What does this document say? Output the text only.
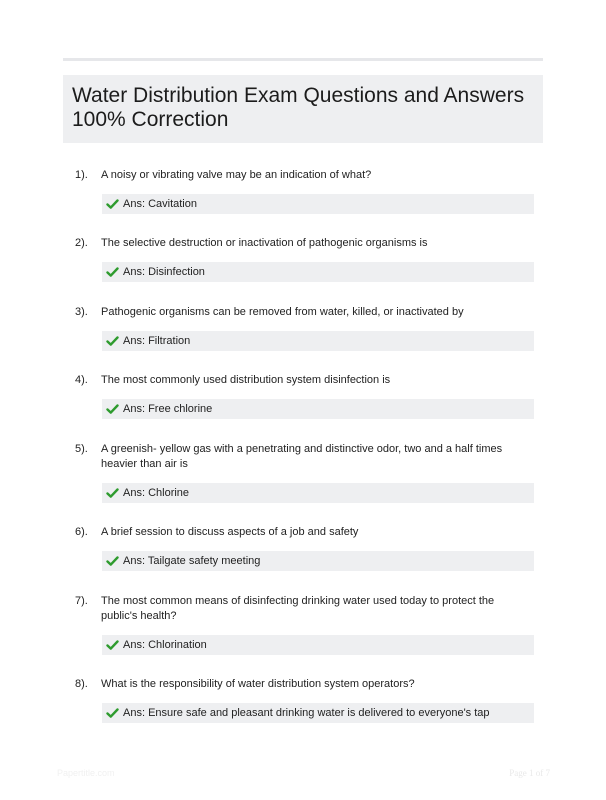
Water Distribution Exam Questions and Answers 100% Correction
1).	A noisy or vibrating valve may be an indication of what?
Ans: Cavitation
2).	The selective destruction or inactivation of pathogenic organisms is
Ans: Disinfection
3).	Pathogenic organisms can be removed from water, killed, or inactivated by
Ans: Filtration
4).	The most commonly used distribution system disinfection is
Ans: Free chlorine
5).	A greenish- yellow gas with a penetrating and distinctive odor, two and a half times heavier than air is
Ans: Chlorine
6).	A brief session to discuss aspects of a job and safety
Ans: Tailgate safety meeting
7).	The most common means of disinfecting drinking water used today to protect the public's health?
Ans: Chlorination
8).	What is the responsibility of water distribution system operators?
Ans: Ensure safe and pleasant drinking water is delivered to everyone's tap
Papertitle.com	Page 1 of 7
